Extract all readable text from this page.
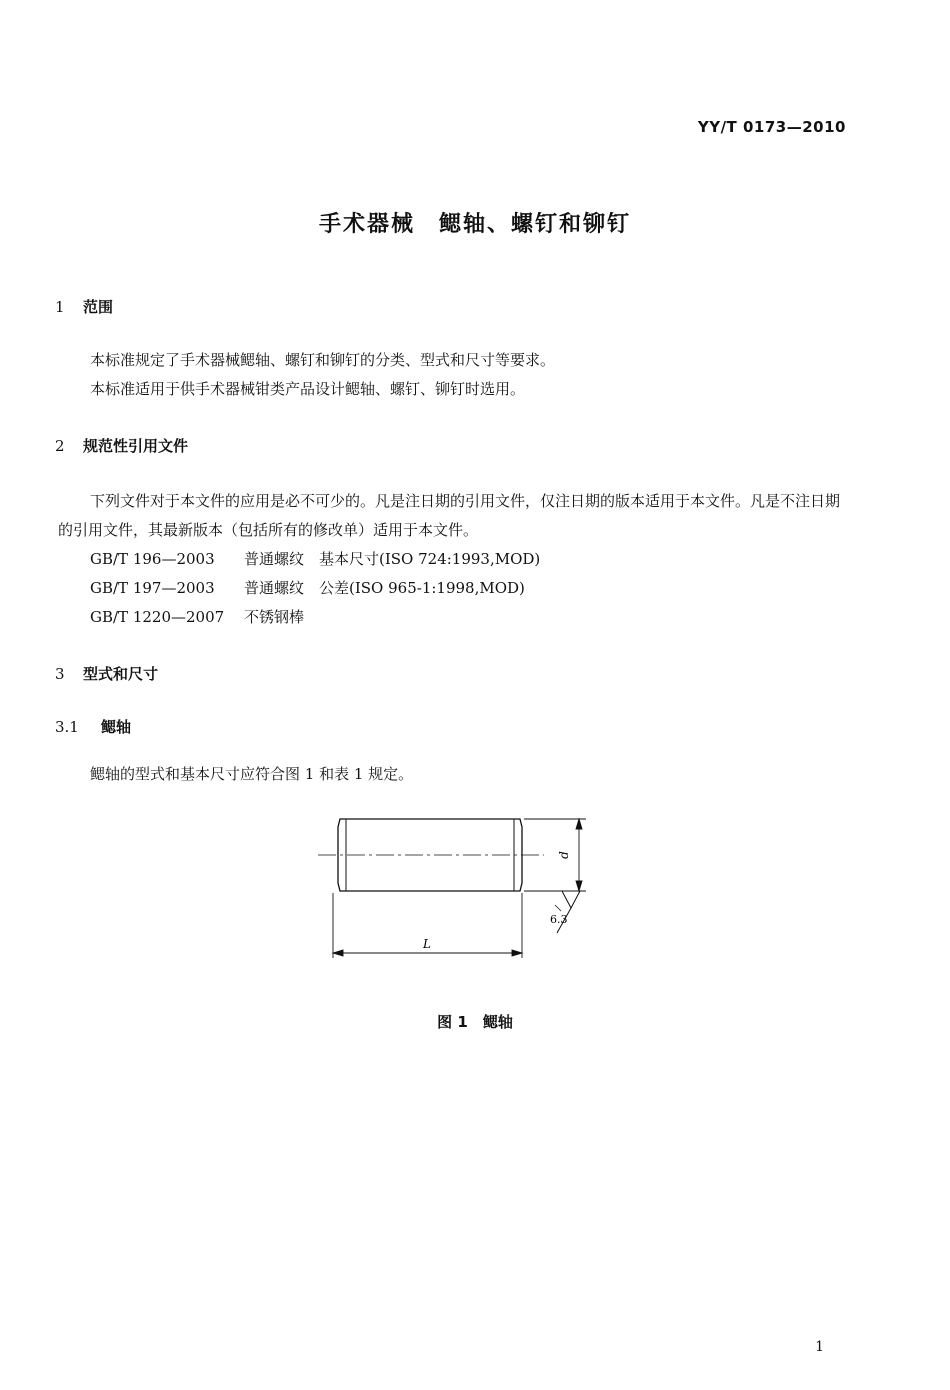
YY/T 0173—2010
手术器械　鳃轴、螺钉和铆钉
1 范围
本标准规定了手术器械鳃轴、螺钉和铆钉的分类、型式和尺寸等要求。
本标准适用于供手术器械钳类产品设计鳃轴、螺钉、铆钉时选用。
2 规范性引用文件
下列文件对于本文件的应用是必不可少的。凡是注日期的引用文件，仅注日期的版本适用于本文件。凡是不注日期的引用文件，其最新版本（包括所有的修改单）适用于本文件。
GB/T 196—2003 普通螺纹　基本尺寸(ISO 724:1993,MOD)
GB/T 197—2003 普通螺纹　公差(ISO 965-1:1998,MOD)
GB/T 1220—2007 不锈钢棒
3 型式和尺寸
3.1 鳃轴
鳃轴的型式和基本尺寸应符合图 1 和表 1 规定。
d
L
6.3
图 1　鳃轴
1
